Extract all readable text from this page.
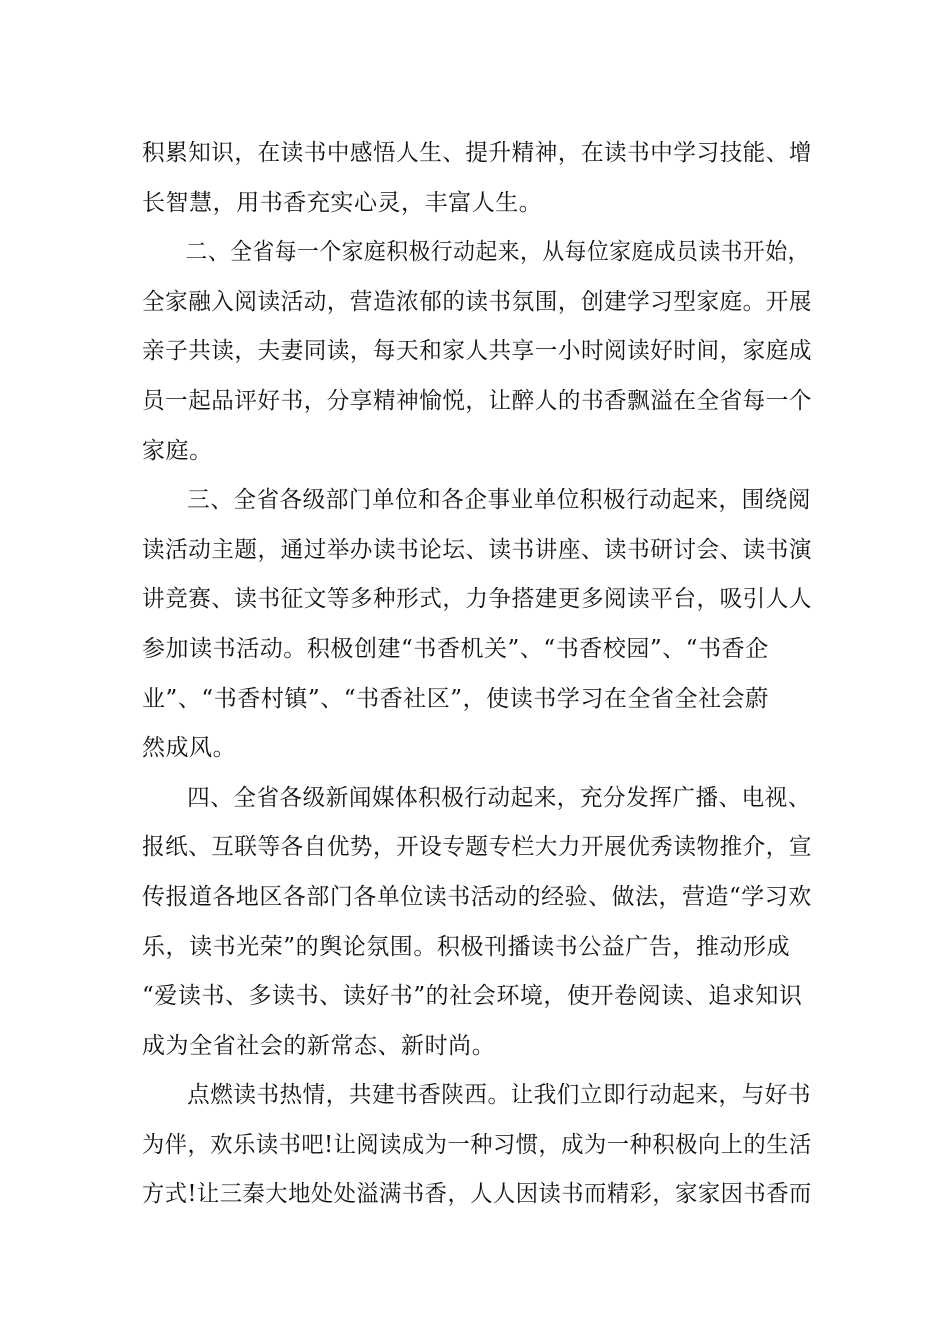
积累知识，在读书中感悟人生、提升精神，在读书中学习技能、增
长智慧，用书香充实心灵，丰富人生。
二、全省每一个家庭积极行动起来，从每位家庭成员读书开始，
全家融入阅读活动，营造浓郁的读书氛围，创建学习型家庭。开展
亲子共读，夫妻同读，每天和家人共享一小时阅读好时间，家庭成
员一起品评好书，分享精神愉悦，让醉人的书香飘溢在全省每一个
家庭。
三、全省各级部门单位和各企事业单位积极行动起来，围绕阅
读活动主题，通过举办读书论坛、读书讲座、读书研讨会、读书演
讲竞赛、读书征文等多种形式，力争搭建更多阅读平台，吸引人人
参加读书活动。积极创建“书香机关”、“书香校园”、“书香企
业”、“书香村镇”、“书香社区”，使读书学习在全省全社会蔚
然成风。
四、全省各级新闻媒体积极行动起来，充分发挥广播、电视、
报纸、互联等各自优势，开设专题专栏大力开展优秀读物推介，宣
传报道各地区各部门各单位读书活动的经验、做法，营造“学习欢
乐，读书光荣”的舆论氛围。积极刊播读书公益广告，推动形成
“爱读书、多读书、读好书”的社会环境，使开卷阅读、追求知识
成为全省社会的新常态、新时尚。
点燃读书热情，共建书香陕西。让我们立即行动起来，与好书
为伴，欢乐读书吧!让阅读成为一种习惯，成为一种积极向上的生活
方式!让三秦大地处处溢满书香，人人因读书而精彩，家家因书香而
